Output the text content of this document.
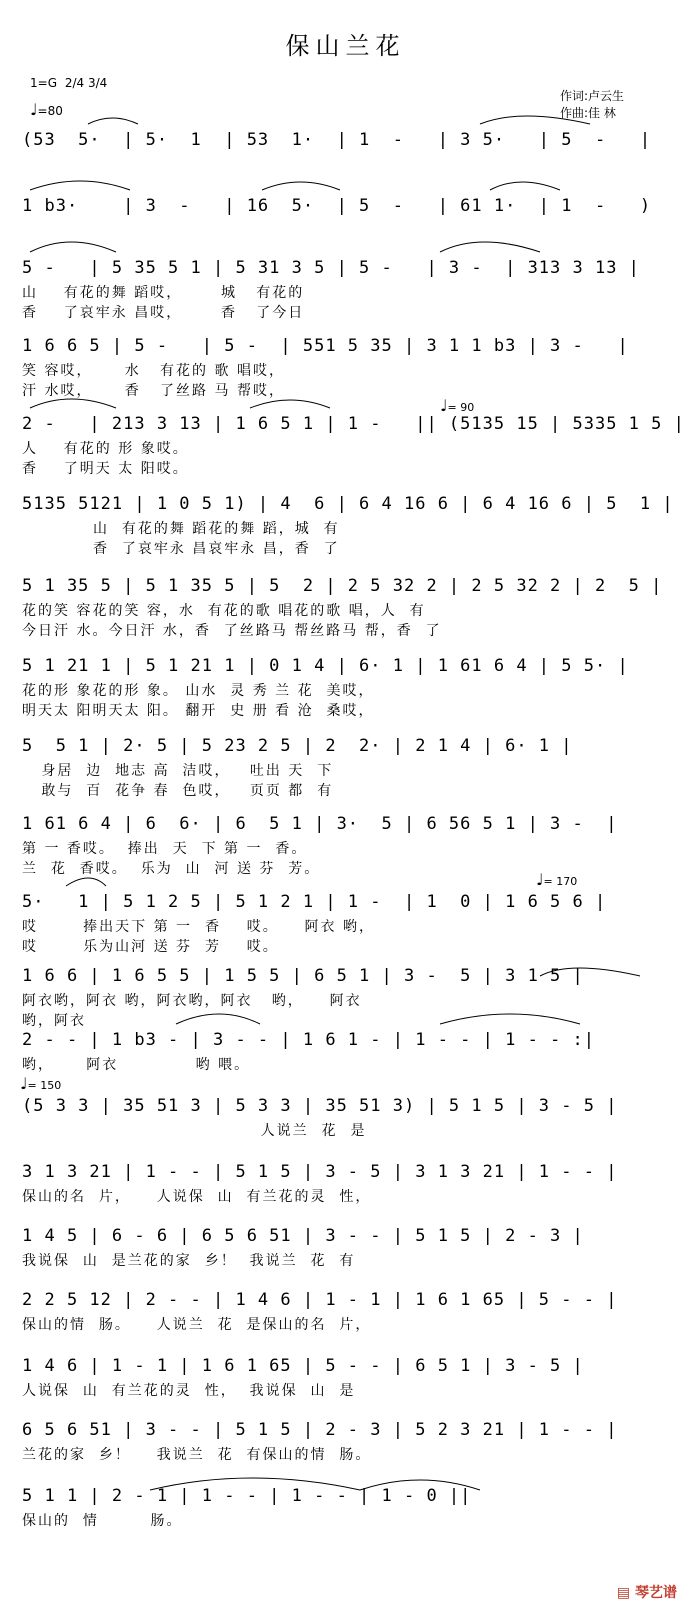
保山兰花
1=G 2/4 3/4
♩=80
作词:卢云生
作曲:佳 林
♩= 90
♩= 170
♩= 150
(53  5·  | 5·  1  | 53  1·  | 1  -   | 3 5·   | 5  -   |
1 b3·    | 3  -   | 16  5·  | 5  -   | 61 1·  | 1  -   )
5 -   | 5 35 5 1 | 5 31 3 5 | 5 -   | 3 -  | 313 3 13 |
山    有花的舞 蹈哎，      城   有花的
香    了哀牢永 昌哎，      香   了今日
1 6 6 5 | 5 -   | 5 -  | 551 5 35 | 3 1 1 b3 | 3 -   |
笑 容哎，     水   有花的 歌 唱哎，
汗 水哎，     香   了丝路 马 帮哎，
2 -   | 213 3 13 | 1 6 5 1 | 1 -   || (5135 15 | 5335 1 5 |
人    有花的 形 象哎。
香    了明天 太 阳哎。
5135 5121 | 1 0 5 1) | 4  6 | 6 4 16 6 | 6 4 16 6 | 5  1 |
山  有花的舞 蹈花的舞 蹈，城  有
香  了哀牢永 昌哀牢永 昌，香  了
5 1 35 5 | 5 1 35 5 | 5  2 | 2 5 32 2 | 2 5 32 2 | 2  5 |
花的笑 容花的笑 容，水  有花的歌 唱花的歌 唱，人  有
今日汗 水。今日汗 水，香  了丝路马 帮丝路马 帮，香  了
5 1 21 1 | 5 1 21 1 | 0 1 4 | 6· 1 | 1 61 6 4 | 5 5· |
花的形 象花的形 象。 山水  灵 秀 兰 花  美哎，
明天太 阳明天太 阳。 翻开  史 册 看 沧  桑哎，
5  5 1 | 2· 5 | 5 23 2 5 | 2  2· | 2 1 4 | 6· 1 |
身居  边  地志 高  洁哎，   吐出 天  下
敢与  百  花争 春  色哎，   页页 都  有
1 61 6 4 | 6  6· | 6  5 1 | 3·  5 | 6 56 5 1 | 3 -  |
第 一 香哎。  捧出  天  下 第 一  香。
兰  花  香哎。  乐为  山  河 送 芬  芳。
5·   1 | 5 1 2 5 | 5 1 2 1 | 1 -  | 1  0 | 1 6 5 6 |
哎       捧出天下 第 一  香    哎。    阿衣 哟，
哎       乐为山河 送 芬  芳    哎。
1 6 6 | 1 6 5 5 | 1 5 5 | 6 5 1 | 3 -  5 | 3 1 5 |
阿衣哟，阿衣 哟，阿衣哟，阿衣   哟，    阿衣
哟，阿衣
2 - - | 1 b3 - | 3 - - | 1 6 1 - | 1 - - | 1 - - :|
哟，     阿衣            哟 喂。
(5 3 3 | 35 51 3 | 5 3 3 | 35 51 3) | 5 1 5 | 3 - 5 |
人说兰  花  是
3 1 3 21 | 1 - - | 5 1 5 | 3 - 5 | 3 1 3 21 | 1 - - |
保山的名  片，    人说保  山  有兰花的灵  性，
1 4 5 | 6 - 6 | 6 5 6 51 | 3 - - | 5 1 5 | 2 - 3 |
我说保  山  是兰花的家  乡！  我说兰  花  有
2 2 5 12 | 2 - - | 1 4 6 | 1 - 1 | 1 6 1 65 | 5 - - |
保山的情  肠。    人说兰  花  是保山的名  片，
1 4 6 | 1 - 1 | 1 6 1 65 | 5 - - | 6 5 1 | 3 - 5 |
人说保  山  有兰花的灵  性，  我说保  山  是
6 5 6 51 | 3 - - | 5 1 5 | 2 - 3 | 5 2 3 21 | 1 - - |
兰花的家  乡！    我说兰  花  有保山的情  肠。
5 1 1 | 2 - 1 | 1 - - | 1 - - | 1 - 0 ||
保山的  情        肠。
▤ 琴艺谱
